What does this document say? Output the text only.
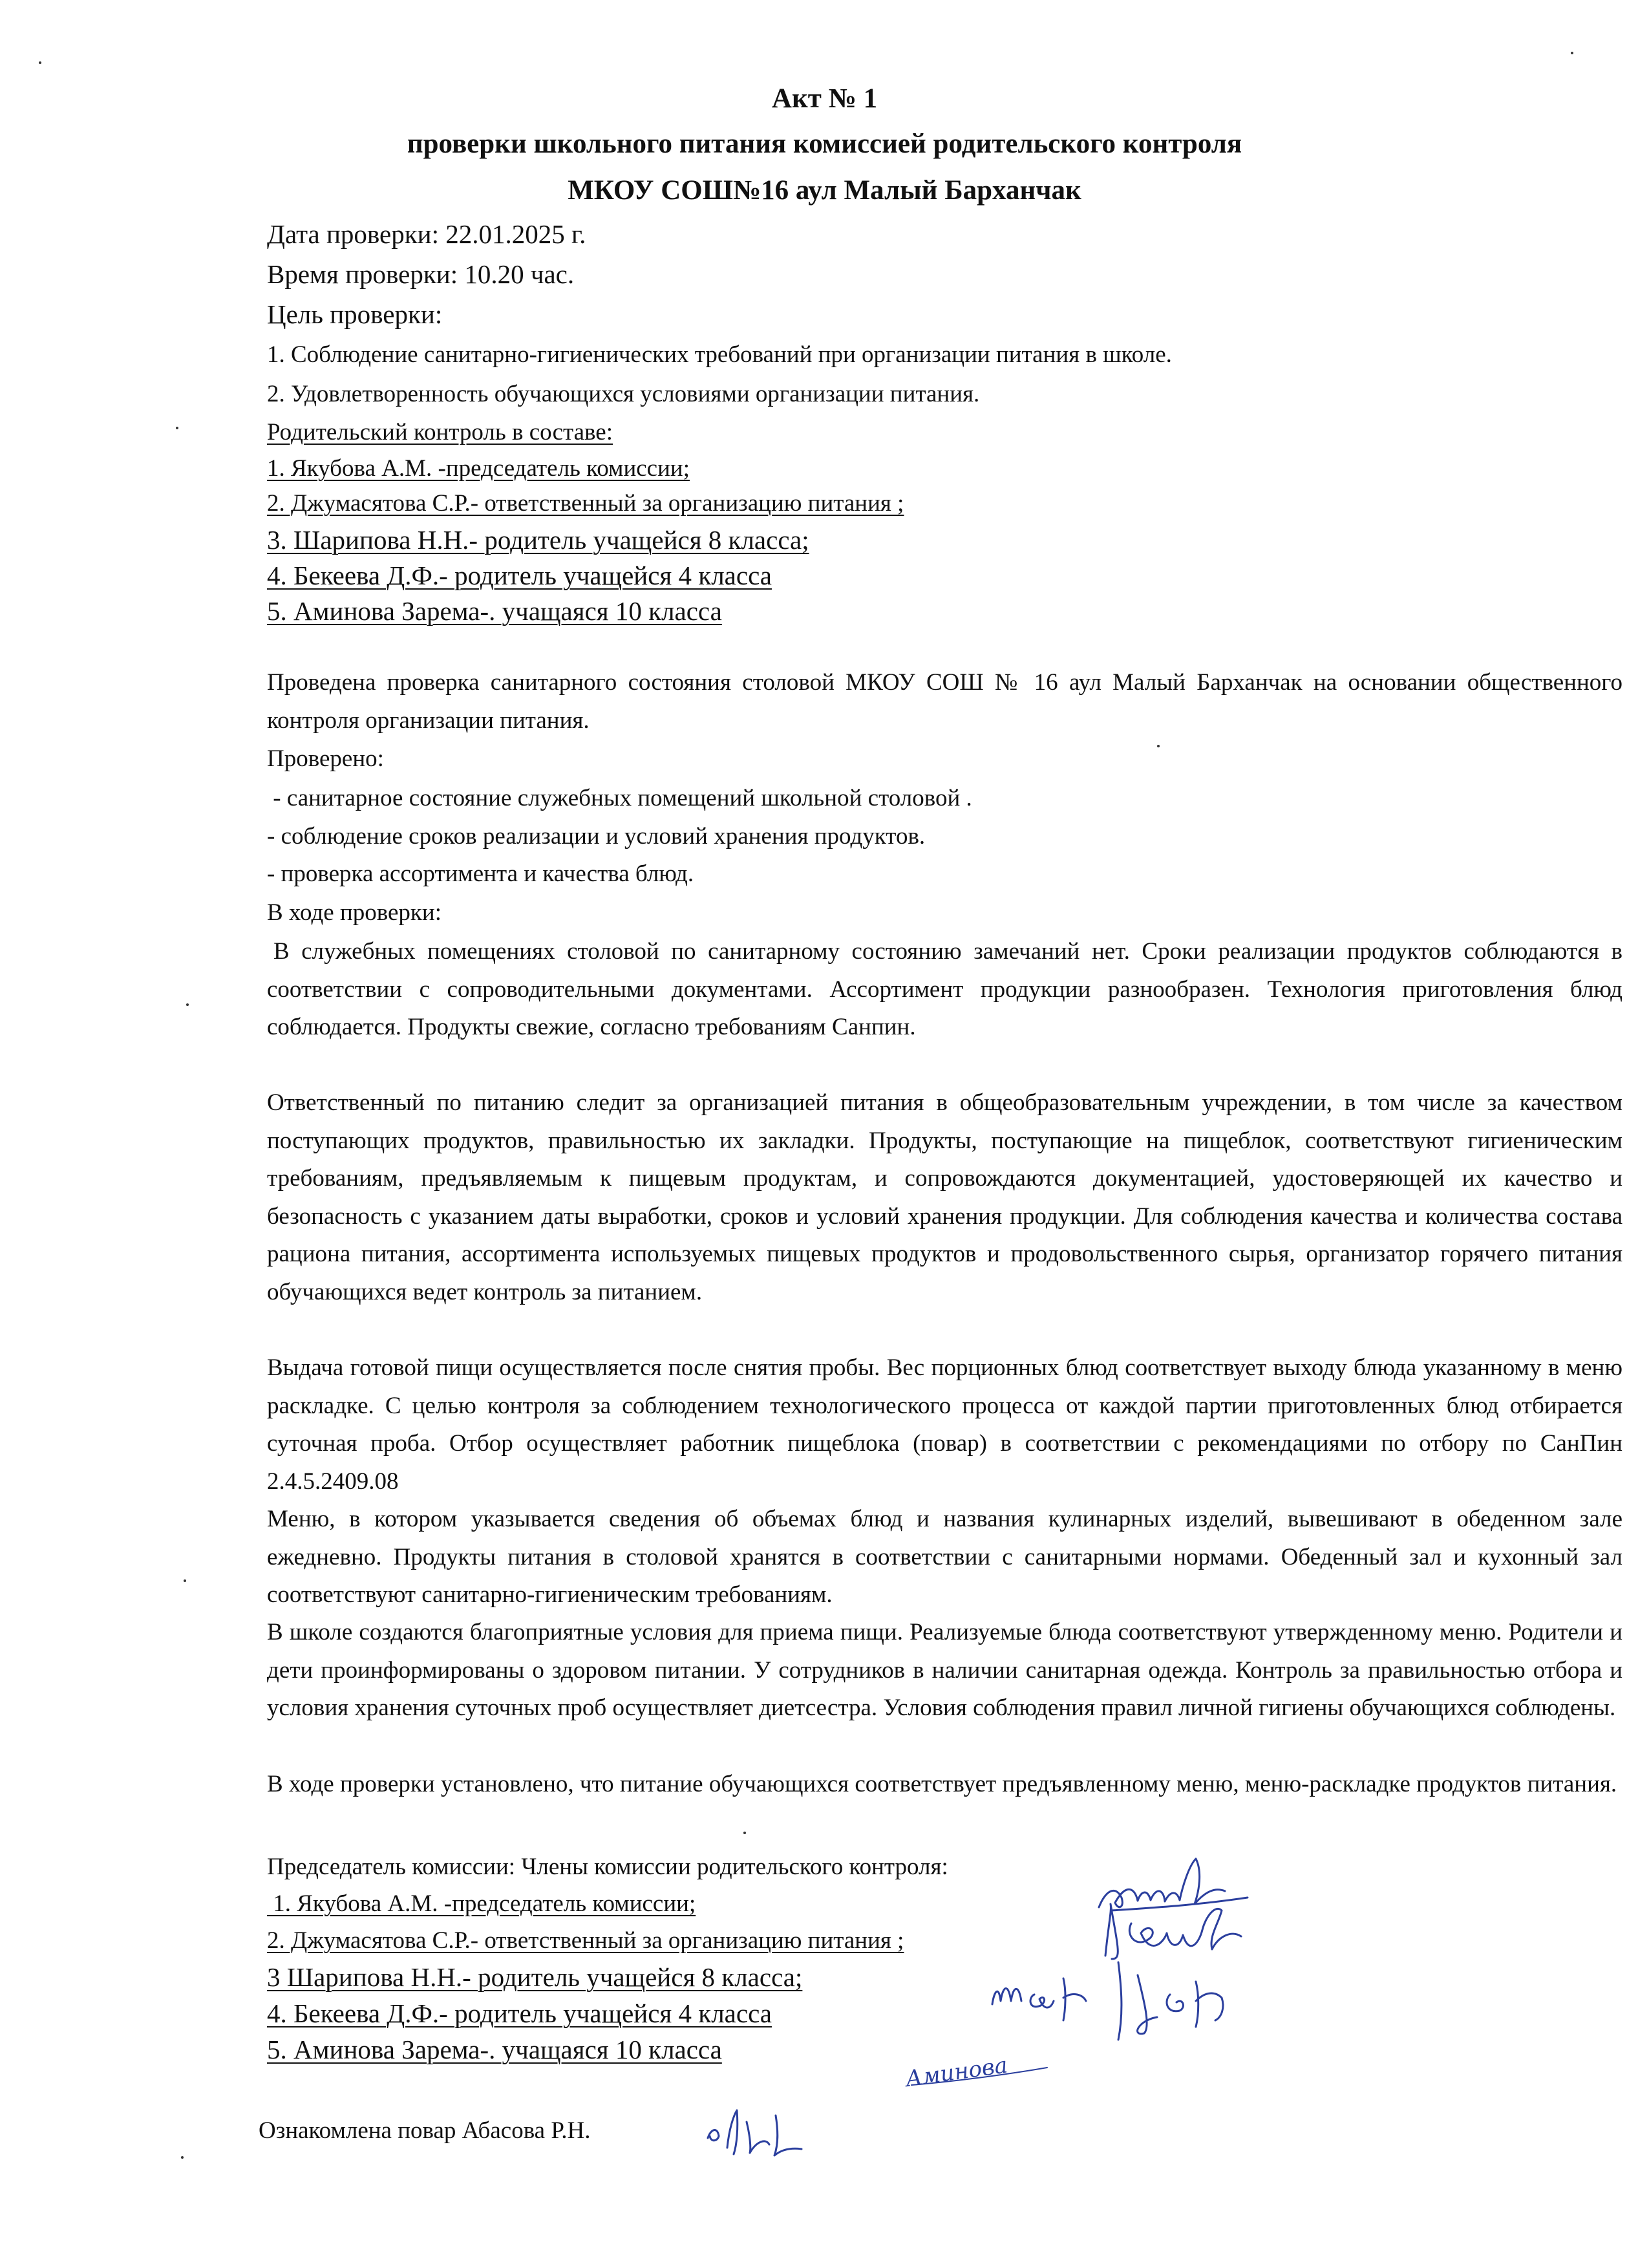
Акт № 1
проверки школьного питания комиссией родительского контроля
МКОУ СОШ№16 аул Малый Барханчак
Дата проверки: 22.01.2025 г.
Время проверки: 10.20 час.
Цель проверки:
1. Соблюдение санитарно-гигиенических требований при организации питания в школе.
2. Удовлетворенность обучающихся условиями организации питания.
Родительский контроль в составе:
1. Якубова А.М. -председатель комиссии;
2. Джумасятова С.Р.- ответственный за организацию питания ;
3. Шарипова Н.Н.- родитель учащейся 8 класса;
4. Бекеева Д.Ф.- родитель учащейся 4 класса
5. Аминова Зарема-. учащаяся 10 класса
Проведена проверка санитарного состояния столовой МКОУ СОШ № 16 аул Малый Барханчак на основании общественного контроля организации питания.
Проверено:
- санитарное состояние служебных помещений школьной столовой .
- соблюдение сроков реализации и условий хранения продуктов.
- проверка ассортимента и качества блюд.
В ходе проверки:
В служебных помещениях столовой по санитарному состоянию замечаний нет. Сроки реализации продуктов соблюдаются в соответствии с сопроводительными документами. Ассортимент продукции разнообразен. Технология приготовления блюд соблюдается. Продукты свежие, согласно требованиям Санпин.
Ответственный по питанию следит за организацией питания в общеобразовательным учреждении, в том числе за качеством поступающих продуктов, правильностью их закладки. Продукты, поступающие на пищеблок, соответствуют гигиеническим требованиям, предъявляемым к пищевым продуктам, и сопровождаются документацией, удостоверяющей их качество и безопасность с указанием даты выработки, сроков и условий хранения продукции. Для соблюдения качества и количества состава рациона питания, ассортимента используемых пищевых продуктов и продовольственного сырья, организатор горячего питания обучающихся ведет контроль за питанием.
Выдача готовой пищи осуществляется после снятия пробы. Вес порционных блюд соответствует выходу блюда указанному в меню раскладке. С целью контроля за соблюдением технологического процесса от каждой партии приготовленных блюд отбирается суточная проба. Отбор осуществляет работник пищеблока (повар) в соответствии с рекомендациями по отбору по СанПин 2.4.5.2409.08
Меню, в котором указывается сведения об объемах блюд и названия кулинарных изделий, вывешивают в обеденном зале ежедневно. Продукты питания в столовой хранятся в соответствии с санитарными нормами. Обеденный зал и кухонный зал соответствуют санитарно-гигиеническим требованиям.
В школе создаются благоприятные условия для приема пищи. Реализуемые блюда соответствуют утвержденному меню. Родители и дети проинформированы о здоровом питании. У сотрудников в наличии санитарная одежда. Контроль за правильностью отбора и условия хранения суточных проб осуществляет диетсестра. Условия соблюдения правил личной гигиены обучающихся соблюдены.
В ходе проверки установлено, что питание обучающихся соответствует предъявленному меню, меню-раскладке продуктов питания.
Председатель комиссии: Члены комиссии родительского контроля:
1. Якубова А.М. -председатель комиссии;
2. Джумасятова С.Р.- ответственный за организацию питания ;
3 Шарипова Н.Н.- родитель учащейся 8 класса;
4. Бекеева Д.Ф.- родитель учащейся 4 класса
5. Аминова Зарема-. учащаяся 10 класса
Ознакомлена повар Абасова Р.Н.
Аминова
